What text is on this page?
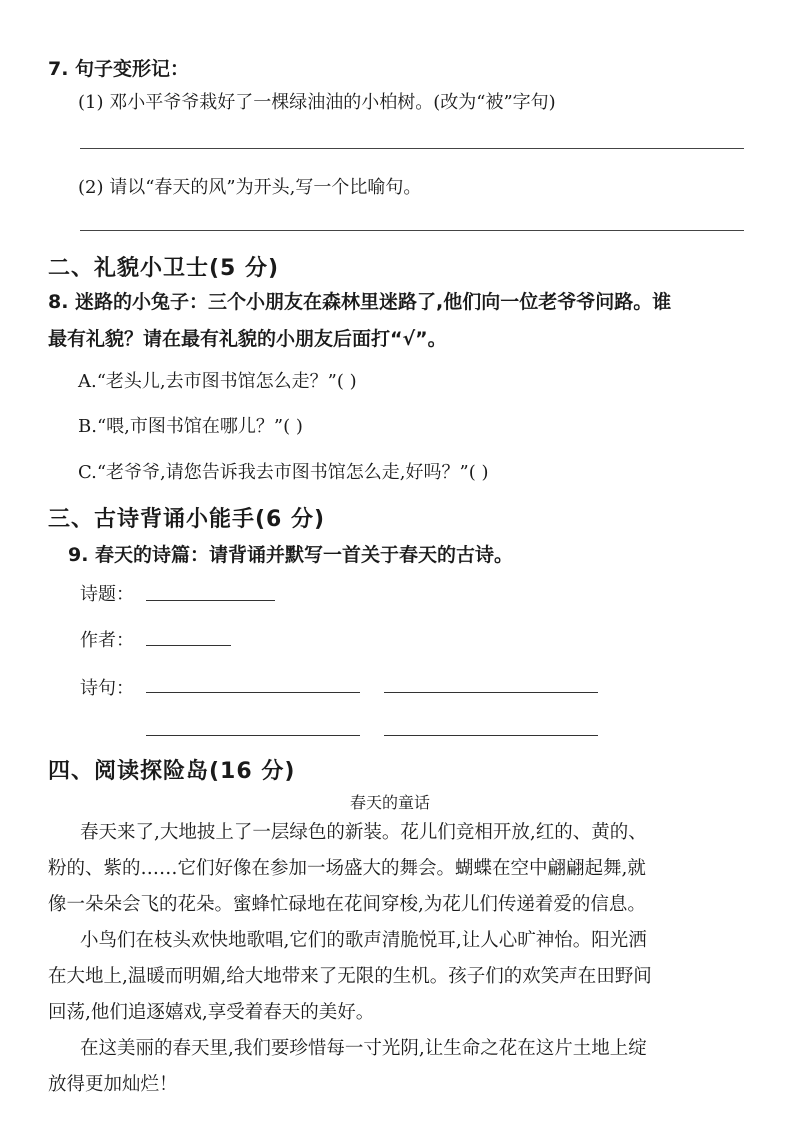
7. 句子变形记：
(1) 邓小平爷爷栽好了一棵绿油油的小柏树。(改为“被”字句)
(2) 请以“春天的风”为开头,写一个比喻句。
二、礼貌小卫士(5 分)
8. 迷路的小兔子：三个小朋友在森林里迷路了,他们向一位老爷爷问路。谁
最有礼貌？请在最有礼貌的小朋友后面打“√”。
A.“老头儿,去市图书馆怎么走？”( )
B.“喂,市图书馆在哪儿？”( )
C.“老爷爷,请您告诉我去市图书馆怎么走,好吗？”( )
三、古诗背诵小能手(6 分)
9. 春天的诗篇：请背诵并默写一首关于春天的古诗。
诗题：
作者：
诗句：
四、阅读探险岛(16 分)
春天的童话
春天来了,大地披上了一层绿色的新装。花儿们竞相开放,红的、黄的、
粉的、紫的……它们好像在参加一场盛大的舞会。蝴蝶在空中翩翩起舞,就
像一朵朵会飞的花朵。蜜蜂忙碌地在花间穿梭,为花儿们传递着爱的信息。
小鸟们在枝头欢快地歌唱,它们的歌声清脆悦耳,让人心旷神怡。阳光洒
在大地上,温暖而明媚,给大地带来了无限的生机。孩子们的欢笑声在田野间
回荡,他们追逐嬉戏,享受着春天的美好。
在这美丽的春天里,我们要珍惜每一寸光阴,让生命之花在这片土地上绽
放得更加灿烂！
